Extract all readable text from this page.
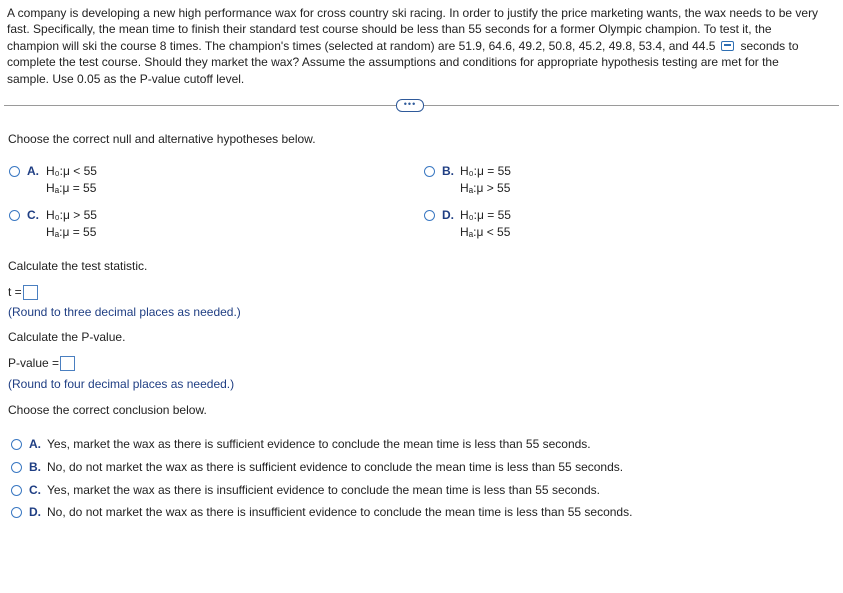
A company is developing a new high performance wax for cross country ski racing. In order to justify the price marketing wants, the wax needs to be very
fast. Specifically, the mean time to finish their standard test course should be less than 55 seconds for a former Olympic champion. To test it, the
champion will ski the course 8 times. The champion's times (selected at random) are 51.9, 64.6, 49.2, 50.8, 45.2, 49.8, 53.4, and 44.5 seconds to
complete the test course. Should they market the wax? Assume the assumptions and conditions for appropriate hypothesis testing are met for the
sample. Use 0.05 as the P-value cutoff level.
•••
Choose the correct null and alternative hypotheses below.
A. H₀:μ < 55
Hₐ:μ = 55
B. H₀:μ = 55
Hₐ:μ > 55
C. H₀:μ > 55
Hₐ:μ = 55
D. H₀:μ = 55
Hₐ:μ < 55
Calculate the test statistic.
t =
(Round to three decimal places as needed.)
Calculate the P-value.
P-value =
(Round to four decimal places as needed.)
Choose the correct conclusion below.
A. Yes, market the wax as there is sufficient evidence to conclude the mean time is less than 55 seconds.
B. No, do not market the wax as there is sufficient evidence to conclude the mean time is less than 55 seconds.
C. Yes, market the wax as there is insufficient evidence to conclude the mean time is less than 55 seconds.
D. No, do not market the wax as there is insufficient evidence to conclude the mean time is less than 55 seconds.
